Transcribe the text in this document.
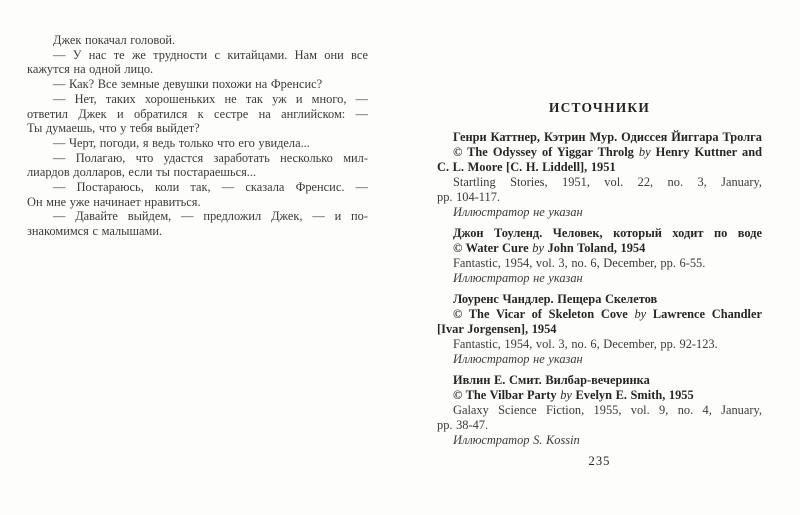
Джек покачал головой.
— У нас те же трудности с китайцами. Нам они все
кажутся на одной лицо.
— Как? Все земные девушки похожи на Френсис?
— Нет, таких хорошеньких не так уж и много, —
ответил Джек и обратился к сестре на английском: —
Ты думаешь, что у тебя выйдет?
— Черт, погоди, я ведь только что его увидела...
— Полагаю, что удастся заработать несколько мил-
лиардов долларов, если ты постараешься...
— Постараюсь, коли так, — сказала Френсис. —
Он мне уже начинает нравиться.
— Давайте выйдем, — предложил Джек, — и по-
знакомимся с малышами.
ИСТОЧНИКИ
Генри Каттнер, Кэтрин Мур. Одиссея Йиггара Тролга
© The Odyssey of Yiggar Throlg by Henry Kuttner and
C. L. Moore [C. H. Liddell], 1951
Startling Stories, 1951, vol. 22, no. 3, January,
pp. 104-117.
Иллюстратор не указан
Джон Тоуленд. Человек, который ходит по воде
© Water Cure by John Toland, 1954
Fantastic, 1954, vol. 3, no. 6, December, pp. 6-55.
Иллюстратор не указан
Лоуренс Чандлер. Пещера Скелетов
© The Vicar of Skeleton Cove by Lawrence Chandler
[Ivar Jorgensen], 1954
Fantastic, 1954, vol. 3, no. 6, December, pp. 92-123.
Иллюстратор не указан
Ивлин Е. Смит. Вилбар-вечеринка
© The Vilbar Party by Evelyn E. Smith, 1955
Galaxy Science Fiction, 1955, vol. 9, no. 4, January,
pp. 38-47.
Иллюстратор S. Kossin
235
